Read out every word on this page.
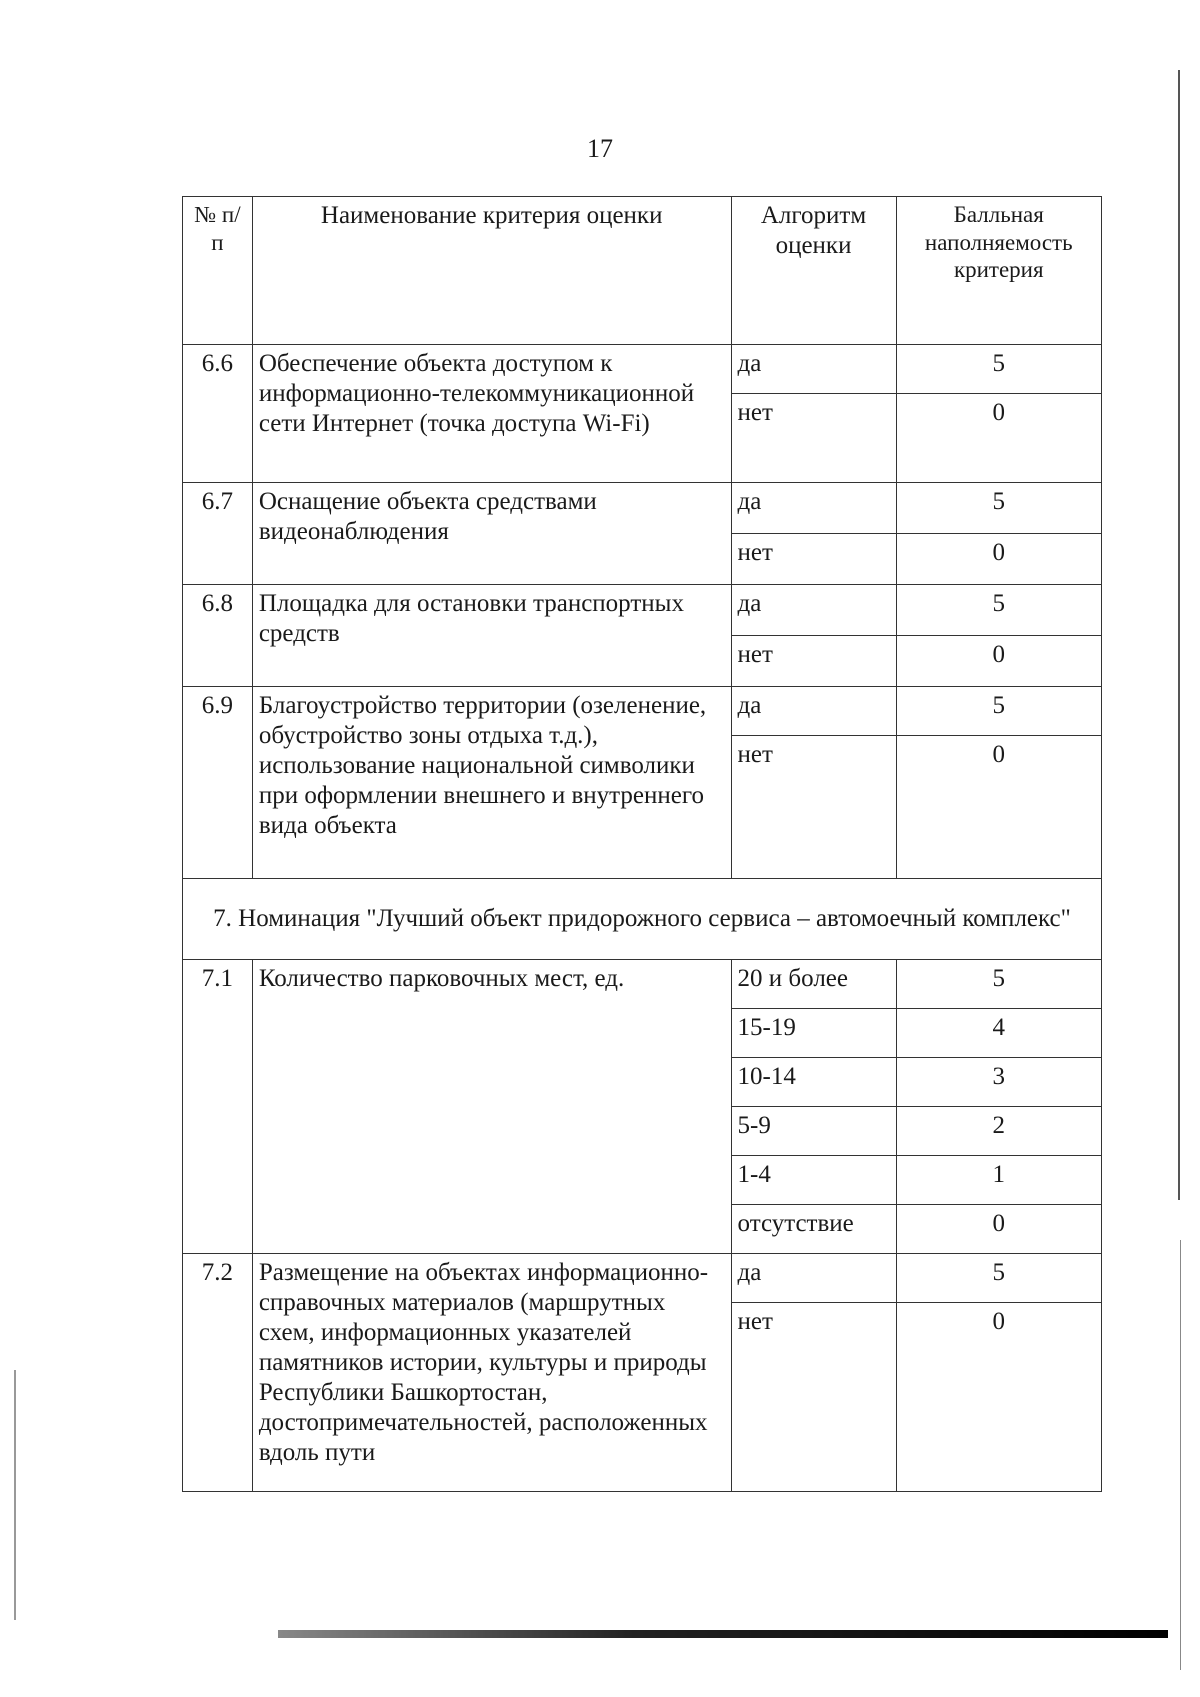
17
№ п/п	Наименование критерия оценки	Алгоритм оценки	Балльная наполняемость критерия
6.6	Обеспечение объекта доступом к информационно-телекоммуникационной сети Интернет (точка доступа Wi-Fi)	да	5
		нет	0
6.7	Оснащение объекта средствами видеонаблюдения	да	5
		нет	0
6.8	Площадка для остановки транспортных средств	да	5
		нет	0
6.9	Благоустройство территории (озеленение, обустройство зоны отдыха т.д.), использование национальной символики при оформлении внешнего и внутреннего вида объекта	да	5
		нет	0
7. Номинация "Лучший объект придорожного сервиса – автомоечный комплекс"			
7.1	Количество парковочных мест, ед.	20 и более	5
		15-19	4
		10-14	3
		5-9	2
		1-4	1
		отсутствие	0
7.2	Размещение на объектах информационно-справочных материалов (маршрутных схем, информационных указателей памятников истории, культуры и природы Республики Башкортостан, достопримечательностей, расположенных вдоль пути	да	5
		нет	0
